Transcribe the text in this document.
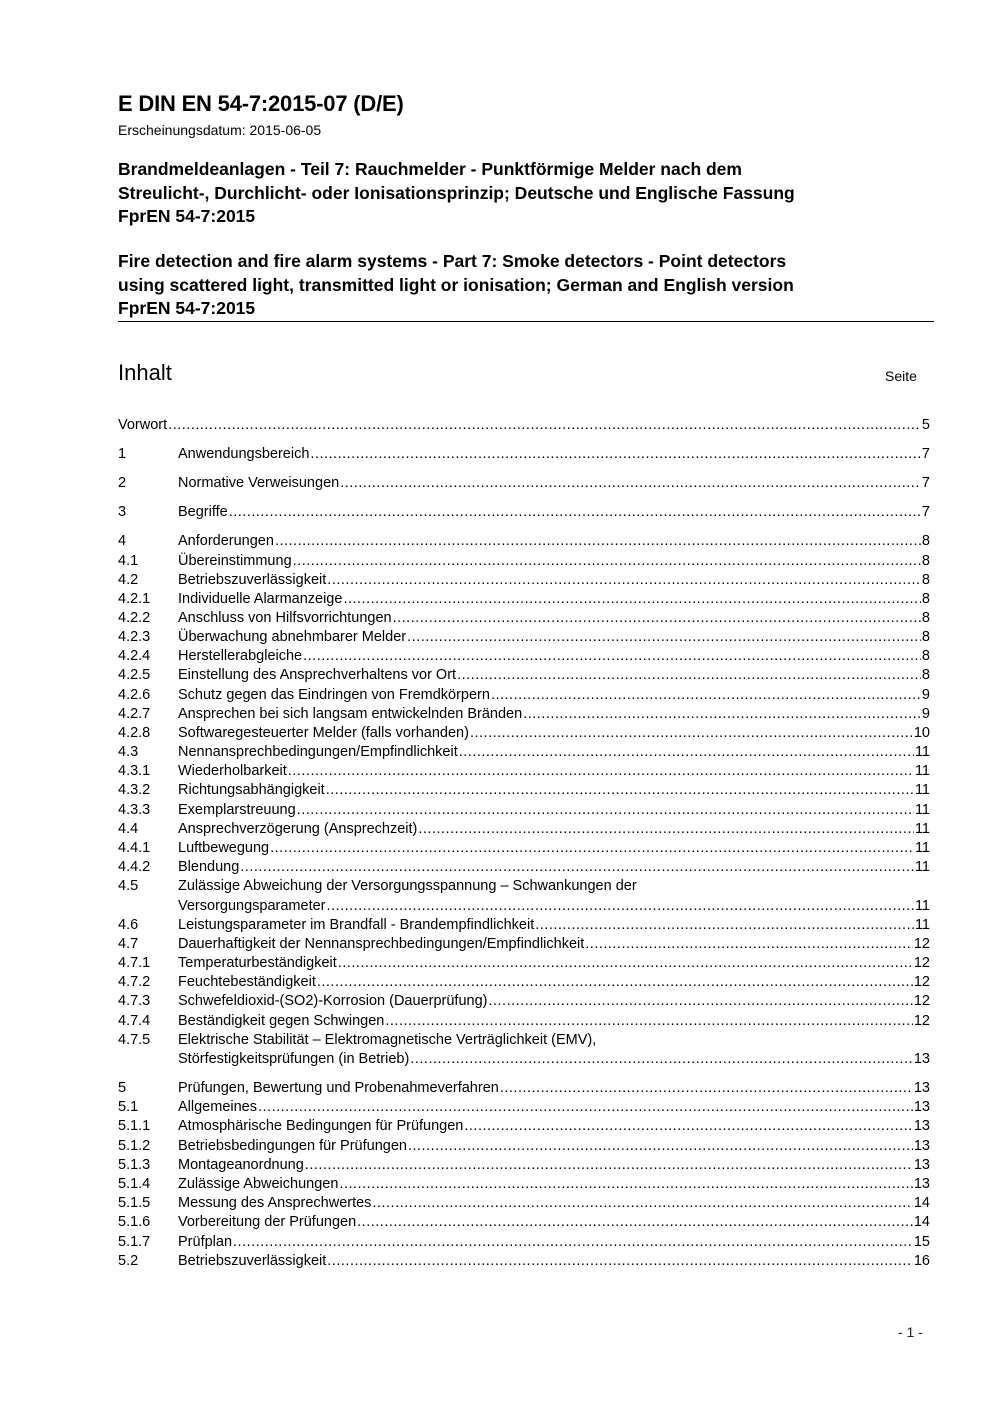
E DIN EN 54-7:2015-07 (D/E)
Erscheinungsdatum: 2015-06-05
Brandmeldeanlagen - Teil 7: Rauchmelder - Punktförmige Melder nach dem
Streulicht-, Durchlicht- oder Ionisationsprinzip; Deutsche und Englische Fassung
FprEN 54-7:2015
Fire detection and fire alarm systems - Part 7: Smoke detectors - Point detectors
using scattered light, transmitted light or ionisation; German and English version
FprEN 54-7:2015
Inhalt	Seite
Vorwort .....	5
1	Anwendungsbereich .....	7
2	Normative Verweisungen .....	7
3	Begriffe .....	7
4	Anforderungen .....	8
4.1	Übereinstimmung .....	8
4.2	Betriebszuverlässigkeit .....	8
4.2.1 Individuelle Alarmanzeige .....	8
4.2.2 Anschluss von Hilfsvorrichtungen .....	8
4.2.3 Überwachung abnehmbarer Melder .....	8
4.2.4 Herstellerabgleiche .....	8
4.2.5 Einstellung des Ansprechverhaltens vor Ort .....	8
4.2.6 Schutz gegen das Eindringen von Fremdkörpern .....	9
4.2.7 Ansprechen bei sich langsam entwickelnden Bränden .....	9
4.2.8 Softwaregesteuerter Melder (falls vorhanden) .....	10
4.3	Nennansprechbedingungen/Empfindlichkeit .....	11
4.3.1 Wiederholbarkeit .....	11
4.3.2 Richtungsabhängigkeit .....	11
4.3.3 Exemplarstreuung .....	11
4.4	Ansprechverzögerung (Ansprechzeit) .....	11
4.4.1 Luftbewegung .....	11
4.4.2 Blendung .....	11
4.5	Zulässige Abweichung der Versorgungsspannung – Schwankungen der
Versorgungsparameter .....	11
4.6	Leistungsparameter im Brandfall - Brandempfindlichkeit .....	11
4.7	Dauerhaftigkeit der Nennansprechbedingungen/Empfindlichkeit .....	12
4.7.1 Temperaturbeständigkeit .....	12
4.7.2 Feuchtebeständigkeit .....	12
4.7.3 Schwefeldioxid-(SO2)-Korrosion (Dauerprüfung) .....	12
4.7.4 Beständigkeit gegen Schwingen .....	12
4.7.5 Elektrische Stabilität – Elektromagnetische Verträglichkeit (EMV),
Störfestigkeitsprüfungen (in Betrieb) .....	13
5	Prüfungen, Bewertung und Probenahmeverfahren .....	13
5.1	Allgemeines .....	13
5.1.1 Atmosphärische Bedingungen für Prüfungen .....	13
5.1.2 Betriebsbedingungen für Prüfungen .....	13
5.1.3 Montageanordnung .....	13
5.1.4 Zulässige Abweichungen .....	13
5.1.5 Messung des Ansprechwertes .....	14
5.1.6 Vorbereitung der Prüfungen .....	14
5.1.7 Prüfplan .....	15
5.2	Betriebszuverlässigkeit .....	16
- 1 -
